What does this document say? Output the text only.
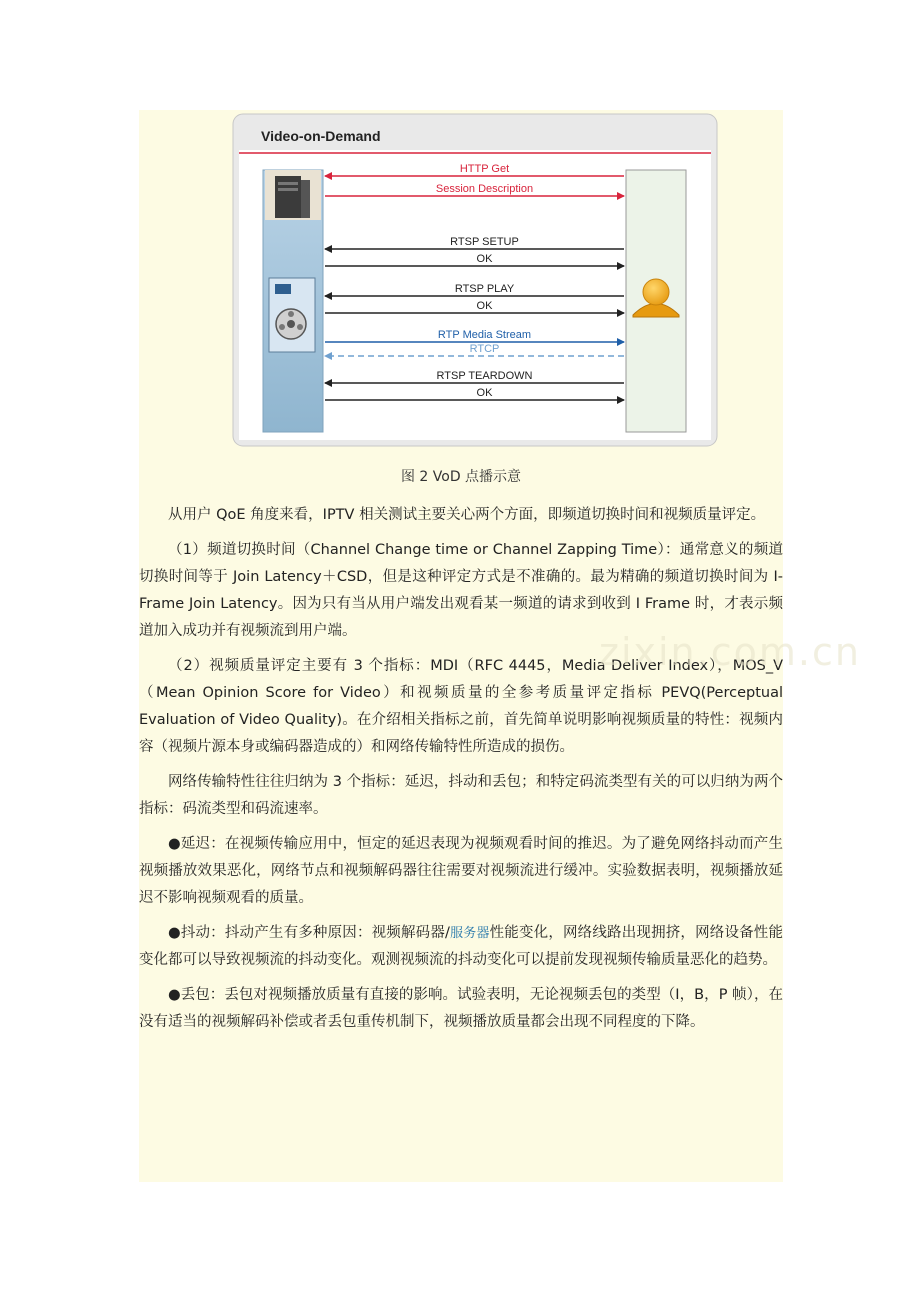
Video-on-Demand
HTTP Get
Session Description
RTSP SETUP
OK
RTSP PLAY
OK
RTP Media Stream
RTCP
RTSP TEARDOWN
OK
图 2 VoD 点播示意

从用户 QoE 角度来看，IPTV 相关测试主要关心两个方面，即频道切换时间和视频质量评定。

（1）频道切换时间（Channel Change time or Channel Zapping Time）：通常意义的频道切换时间等于 Join Latency＋CSD，但是这种评定方式是不准确的。最为精确的频道切换时间为 I-Frame Join Latency。因为只有当从用户端发出观看某一频道的请求到收到 I Frame 时，才表示频道加入成功并有视频流到用户端。

（2）视频质量评定主要有 3 个指标：MDI（RFC 4445，Media Deliver Index），MOS_V（Mean Opinion Score for Video）和视频质量的全参考质量评定指标 PEVQ(Perceptual Evaluation of Video Quality)。在介绍相关指标之前，首先简单说明影响视频质量的特性：视频内容（视频片源本身或编码器造成的）和网络传输特性所造成的损伤。

网络传输特性往往归纳为 3 个指标：延迟，抖动和丢包；和特定码流类型有关的可以归纳为两个指标：码流类型和码流速率。

●延迟：在视频传输应用中，恒定的延迟表现为视频观看时间的推迟。为了避免网络抖动而产生视频播放效果恶化，网络节点和视频解码器往往需要对视频流进行缓冲。实验数据表明，视频播放延迟不影响视频观看的质量。

●抖动：抖动产生有多种原因：视频解码器/服务器性能变化，网络线路出现拥挤，网络设备性能变化都可以导致视频流的抖动变化。观测视频流的抖动变化可以提前发现视频传输质量恶化的趋势。

●丢包：丢包对视频播放质量有直接的影响。试验表明，无论视频丢包的类型（I，B，P 帧），在没有适当的视频解码补偿或者丢包重传机制下，视频播放质量都会出现不同程度的下降。

zixin.com.cn
